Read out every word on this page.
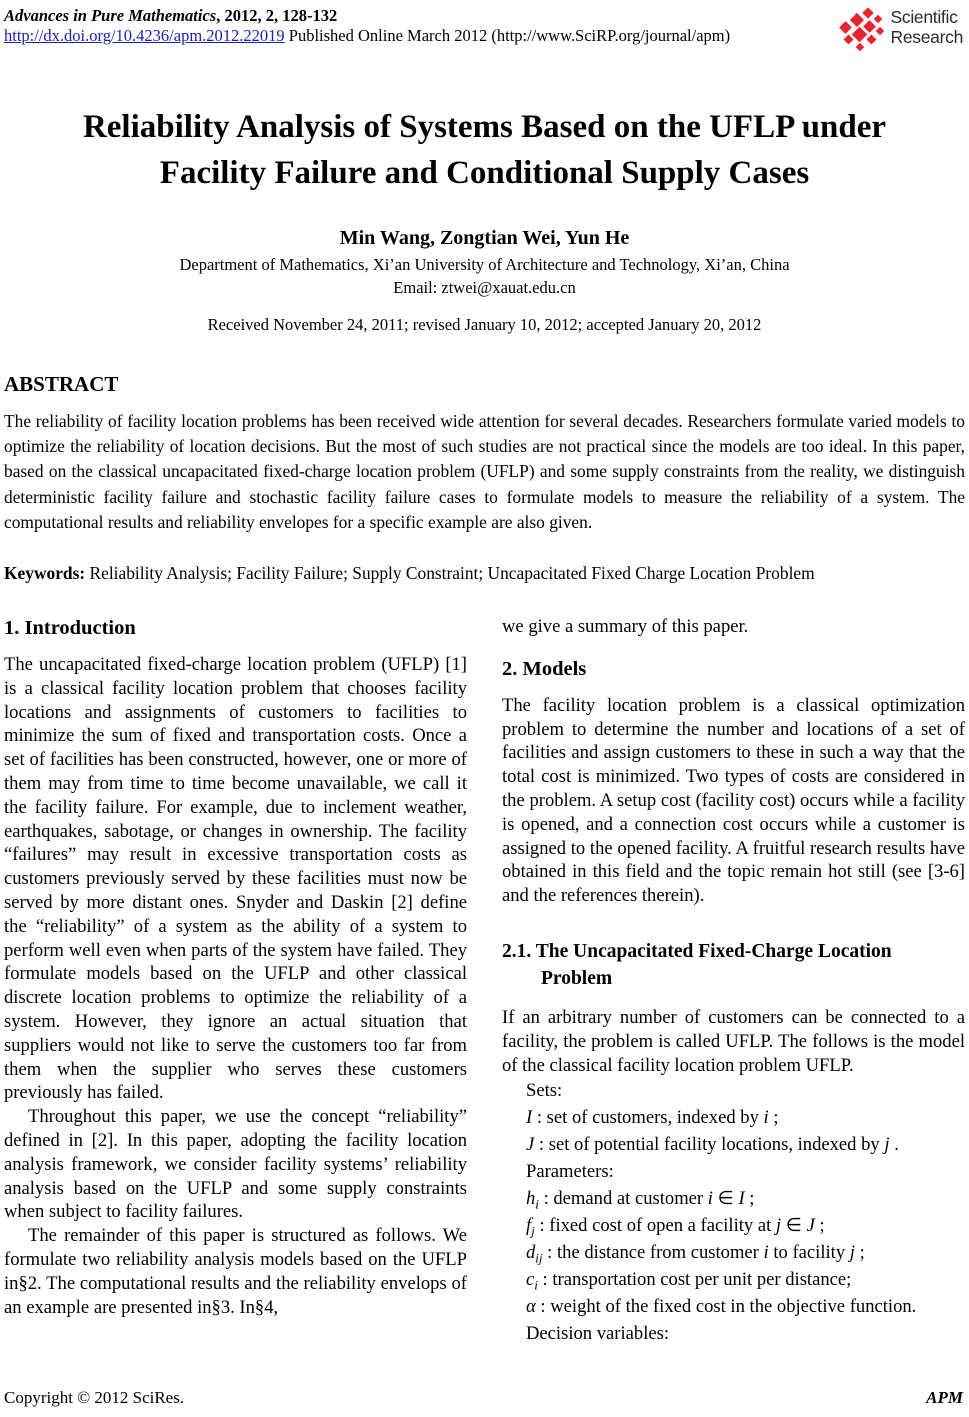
Advances in Pure Mathematics, 2012, 2, 128-132
http://dx.doi.org/10.4236/apm.2012.22019 Published Online March 2012 (http://www.SciRP.org/journal/apm)
Scientific
Research
Reliability Analysis of Systems Based on the UFLP under
Facility Failure and Conditional Supply Cases
Min Wang, Zongtian Wei, Yun He
Department of Mathematics, Xi’an University of Architecture and Technology, Xi’an, China
Email: ztwei@xauat.edu.cn
Received November 24, 2011; revised January 10, 2012; accepted January 20, 2012
ABSTRACT
The reliability of facility location problems has been received wide attention for several decades. Researchers formulate varied models to optimize the reliability of location decisions. But the most of such studies are not practical since the models are too ideal. In this paper, based on the classical uncapacitated fixed-charge location problem (UFLP) and some supply constraints from the reality, we distinguish deterministic facility failure and stochastic facility failure cases to formulate models to measure the reliability of a system. The computational results and reliability envelopes for a specific example are also given.
Keywords: Reliability Analysis; Facility Failure; Supply Constraint; Uncapacitated Fixed Charge Location Problem
1. Introduction
The uncapacitated fixed-charge location problem (UFLP) [1] is a classical facility location problem that chooses facility locations and assignments of customers to facilities to minimize the sum of fixed and transportation costs. Once a set of facilities has been constructed, however, one or more of them may from time to time become unavailable, we call it the facility failure. For example, due to inclement weather, earthquakes, sabotage, or changes in ownership. The facility “failures” may result in excessive transportation costs as customers previously served by these facilities must now be served by more distant ones. Snyder and Daskin [2] define the “reliability” of a system as the ability of a system to perform well even when parts of the system have failed. They formulate models based on the UFLP and other classical discrete location problems to optimize the reliability of a system. However, they ignore an actual situation that suppliers would not like to serve the customers too far from them when the supplier who serves these customers previously has failed.
Throughout this paper, we use the concept “reliability” defined in [2]. In this paper, adopting the facility location analysis framework, we consider facility systems’ reliability analysis based on the UFLP and some supply constraints when subject to facility failures.
The remainder of this paper is structured as follows. We formulate two reliability analysis models based on the UFLP in§2. The computational results and the reliability envelops of an example are presented in§3. In§4,
we give a summary of this paper.
2. Models
The facility location problem is a classical optimization problem to determine the number and locations of a set of facilities and assign customers to these in such a way that the total cost is minimized. Two types of costs are considered in the problem. A setup cost (facility cost) occurs while a facility is opened, and a connection cost occurs while a customer is assigned to the opened facility. A fruitful research results have obtained in this field and the topic remain hot still (see [3-6] and the references therein).
2.1. The Uncapacitated Fixed-Charge Location Problem
If an arbitrary number of customers can be connected to a facility, the problem is called UFLP. The follows is the model of the classical facility location problem UFLP.
Sets:
I : set of customers, indexed by i ;
J : set of potential facility locations, indexed by j .
Parameters:
$h_i$ : demand at customer i ∈ I ;
$f_j$ : fixed cost of open a facility at j ∈ J ;
$d_{ij}$ : the distance from customer i to facility j ;
$c_i$ : transportation cost per unit per distance;
α : weight of the fixed cost in the objective function.
Decision variables:
Copyright © 2012 SciRes.	APM
